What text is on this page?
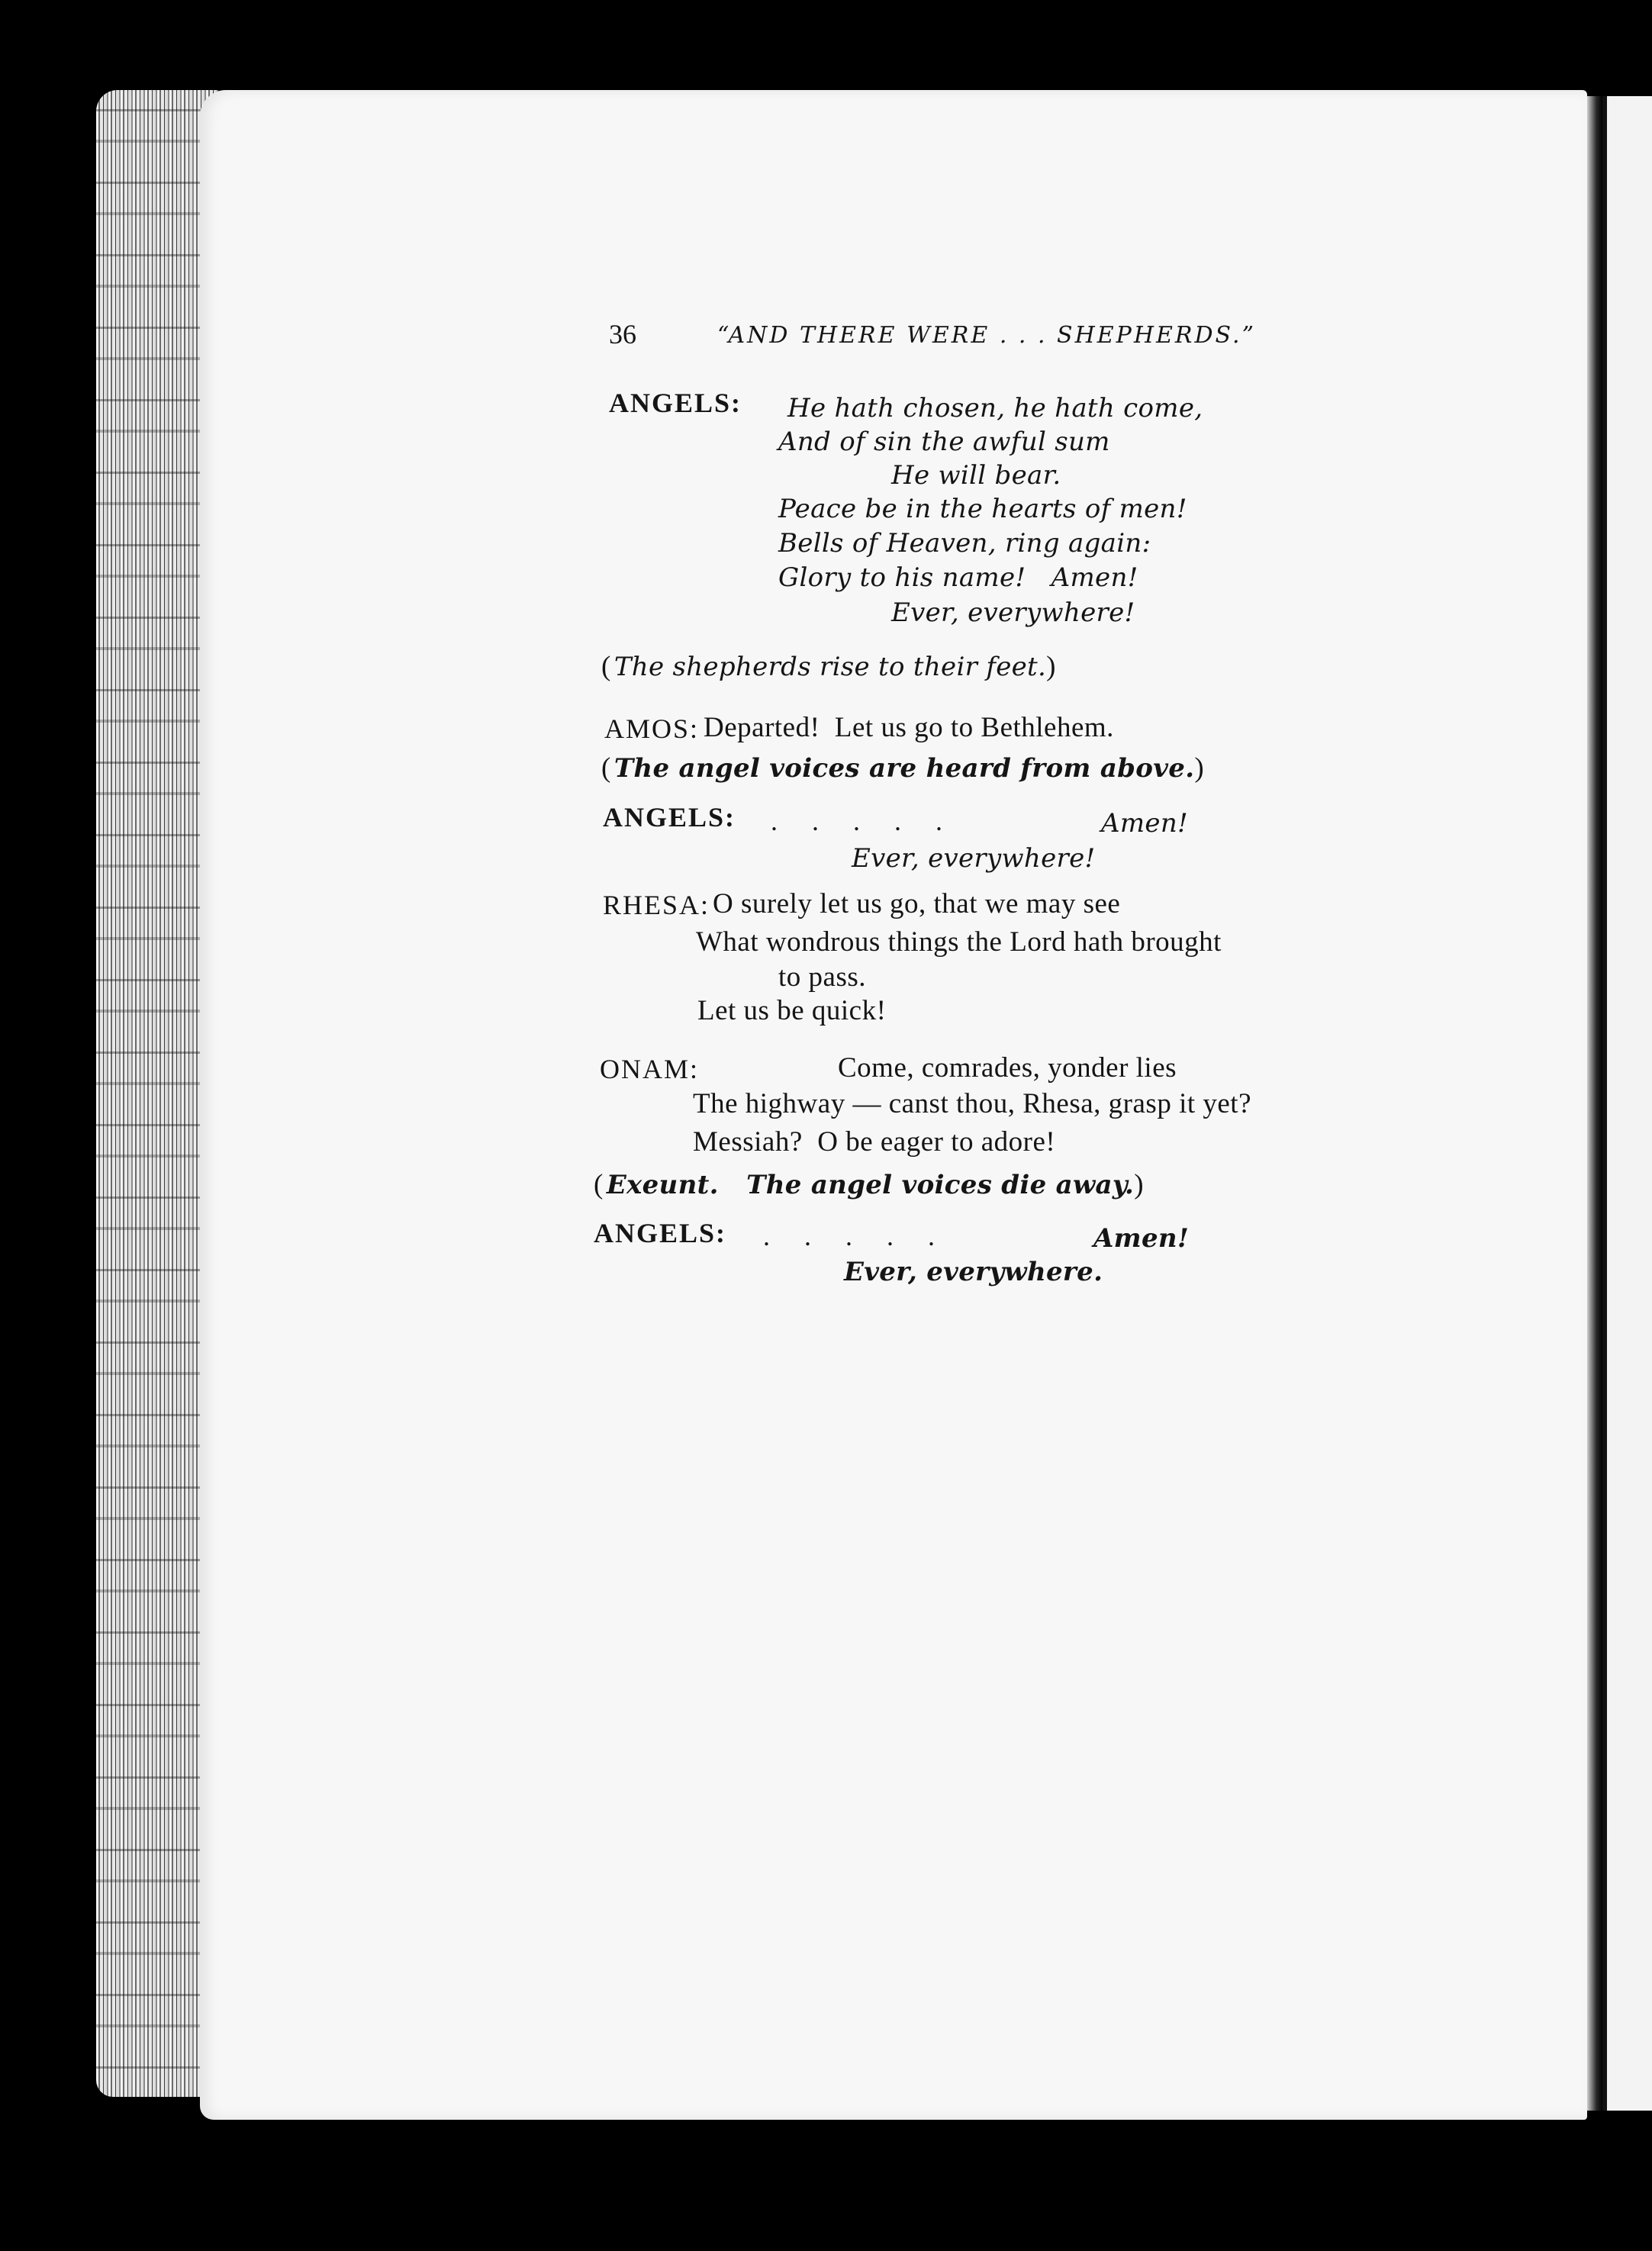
36	“AND THERE WERE . . . SHEPHERDS.”
ANGELS: He hath chosen, he hath come,
And of sin the awful sum
He will bear.
Peace be in the hearts of men!
Bells of Heaven, ring again:
Glory to his name!   Amen!
Ever, everywhere!
( The shepherds rise to their feet. )
AMOS: Departed!  Let us go to Bethlehem.
( The angel voices are heard from above. )
ANGELS: . . . . .	Amen!
Ever, everywhere!
RHESA: O surely let us go, that we may see
What wondrous things the Lord hath brought
to pass.
Let us be quick!
ONAM:	Come, comrades, yonder lies
The highway — canst thou, Rhesa, grasp it yet?
Messiah?  O be eager to adore!
( Exeunt.   The angel voices die away. )
ANGELS: . . . . .	Amen!
Ever, everywhere.
